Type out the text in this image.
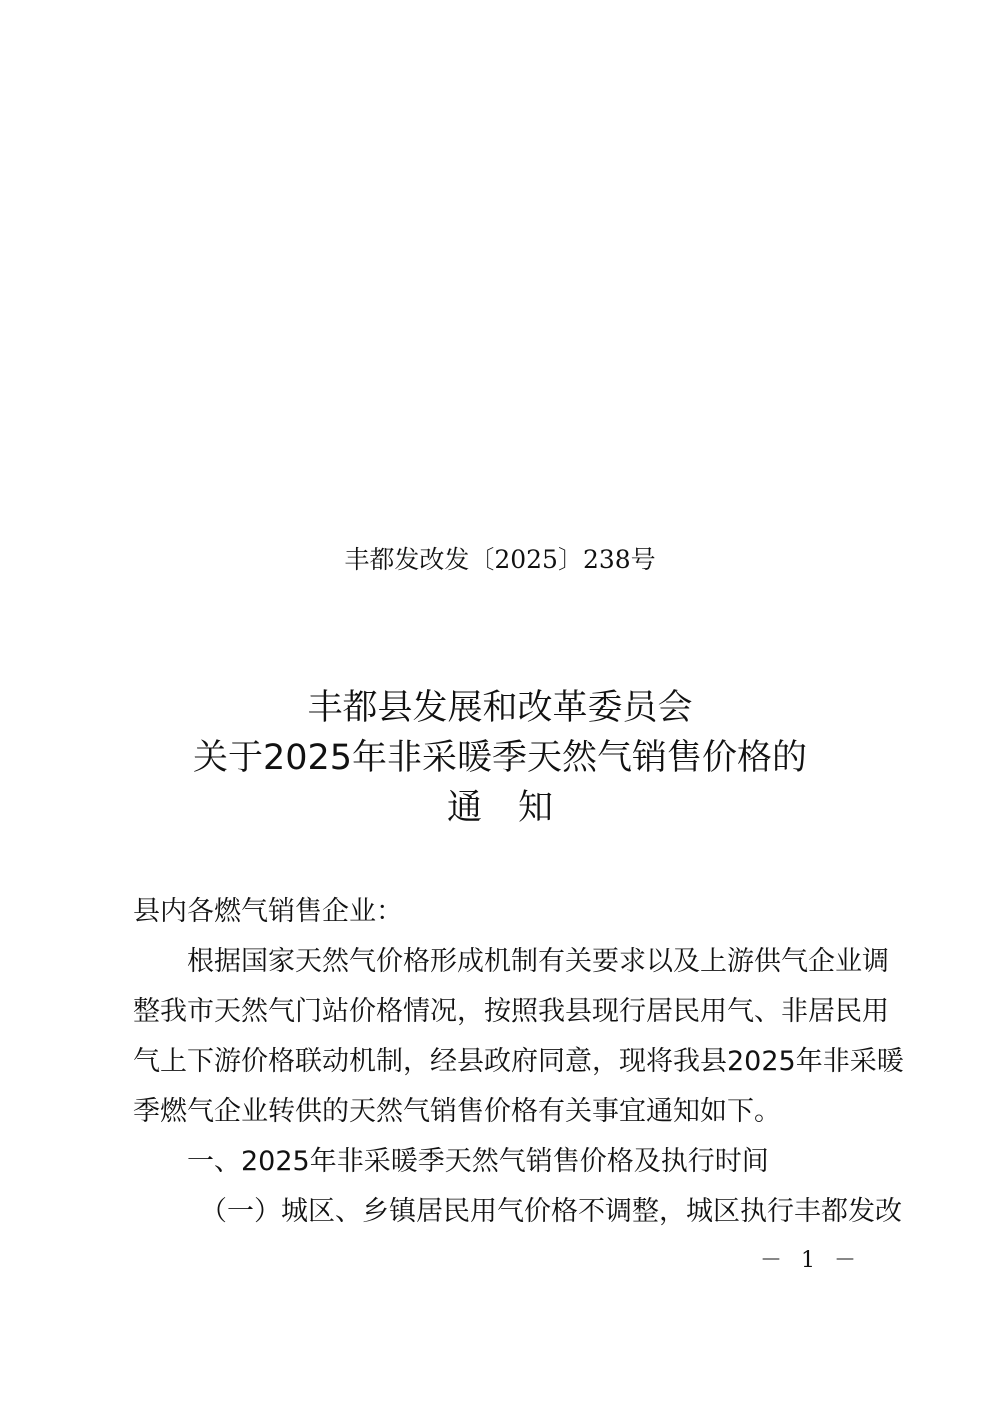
丰都发改发〔2025〕238号
丰都县发展和改革委员会
关于2025年非采暖季天然气销售价格的
通 知
县内各燃气销售企业：
根据国家天然气价格形成机制有关要求以及上游供气企业调
整我市天然气门站价格情况，按照我县现行居民用气、非居民用
气上下游价格联动机制，经县政府同意，现将我县2025年非采暖
季燃气企业转供的天然气销售价格有关事宜通知如下。
一、2025年非采暖季天然气销售价格及执行时间
（一）城区、乡镇居民用气价格不调整，城区执行丰都发改
－ 1 －
